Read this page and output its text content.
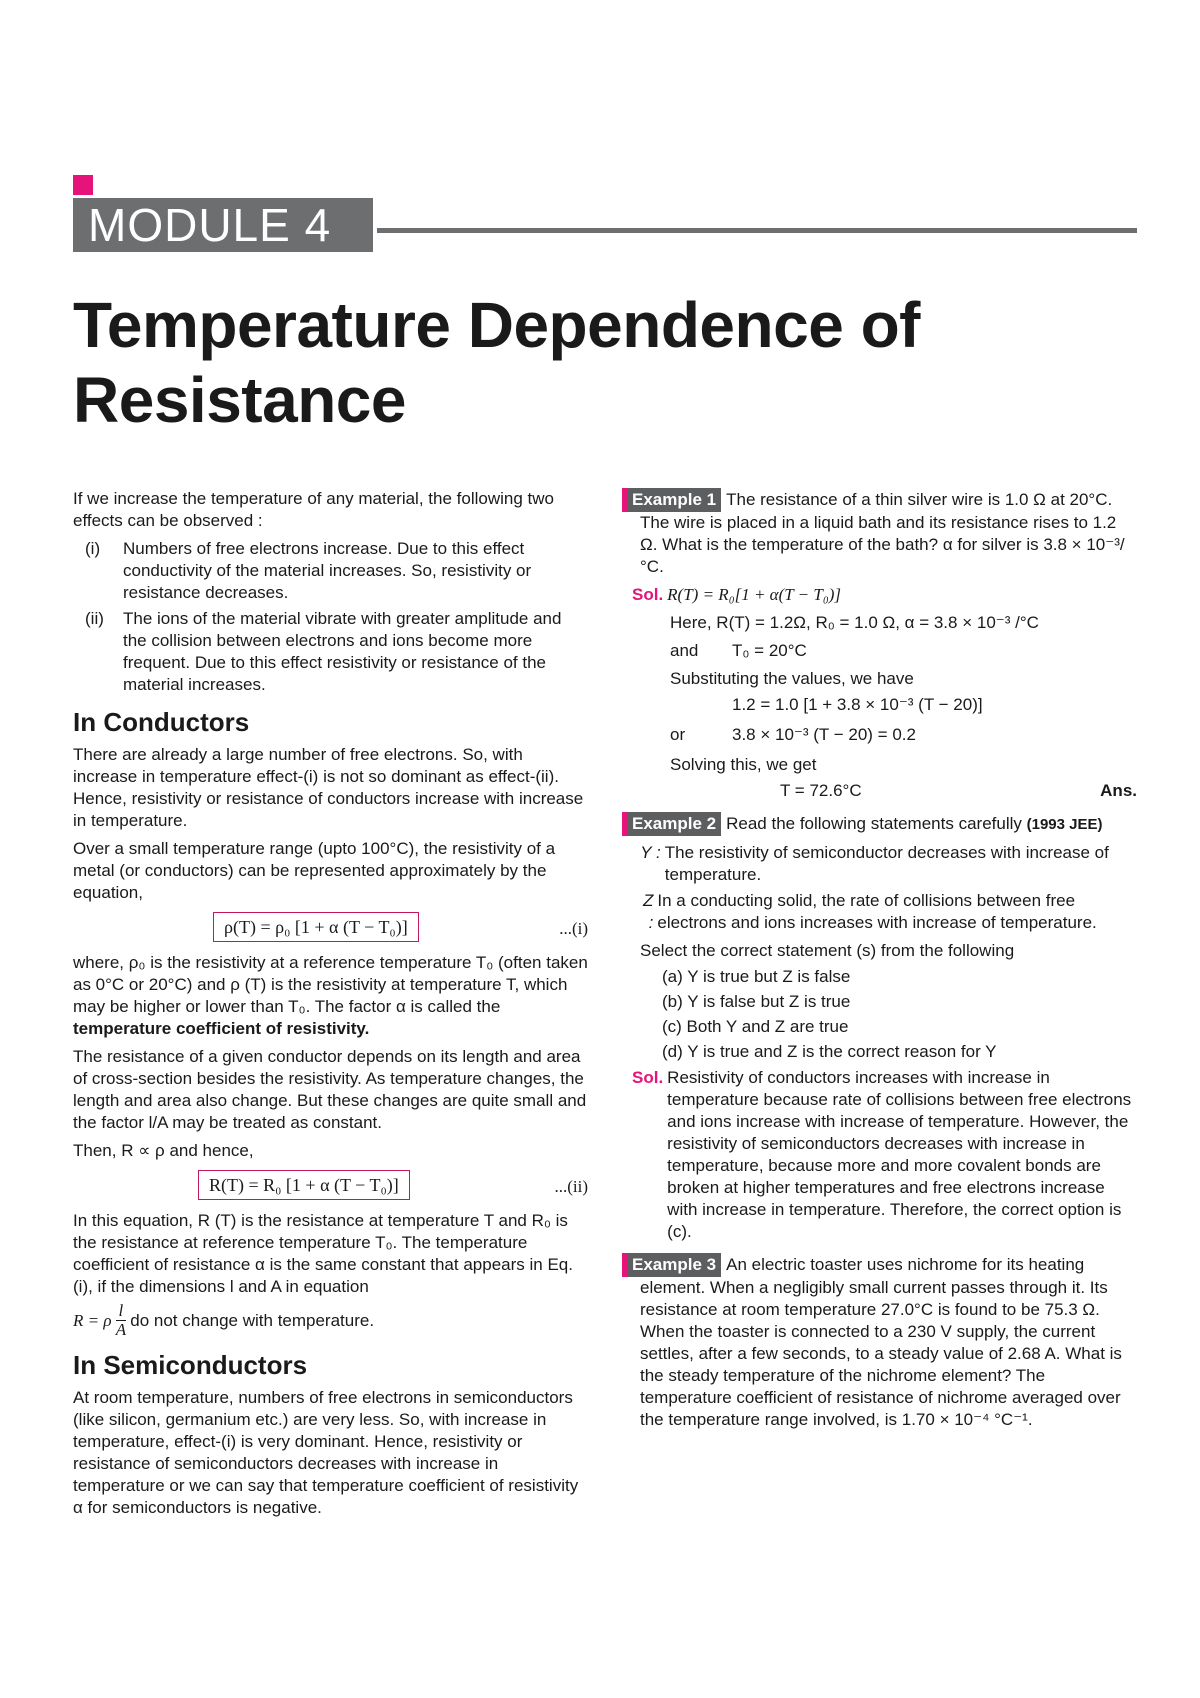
MODULE 4
Temperature Dependence of Resistance

If we increase the temperature of any material, the following two effects can be observed :

(i)	Numbers of free electrons increase. Due to this effect conductivity of the material increases. So, resistivity or resistance decreases.
(ii)	The ions of the material vibrate with greater amplitude and the collision between electrons and ions become more frequent. Due to this effect resistivity or resistance of the material increases.
In Conductors

There are already a large number of free electrons. So, with increase in temperature effect-(i) is not so dominant as effect-(ii). Hence, resistivity or resistance of conductors increase with increase in temperature.

Over a small temperature range (upto 100°C), the resistivity of a metal (or conductors) can be represented approximately by the equation,

ρ(T) = ρ₀ [1 + α (T − T₀)]	...(i)

where, ρ₀ is the resistivity at a reference temperature T₀ (often taken as 0°C or 20°C) and ρ (T) is the resistivity at temperature T, which may be higher or lower than T₀. The factor α is called the temperature coefficient of resistivity.

The resistance of a given conductor depends on its length and area of cross-section besides the resistivity. As temperature changes, the length and area also change. But these changes are quite small and the factor l/A may be treated as constant.

Then, R ∝ ρ and hence,

R(T) = R₀ [1 + α (T − T₀)]	...(ii)

In this equation, R (T) is the resistance at temperature T and R₀ is the resistance at reference temperature T₀. The temperature coefficient of resistance α is the same constant that appears in Eq. (i), if the dimensions l and A in equation

R = ρ $\frac{l}{A}$ do not change with temperature.
In Semiconductors

At room temperature, numbers of free electrons in semiconductors (like silicon, germanium etc.) are very less. So, with increase in temperature, effect-(i) is very dominant. Hence, resistivity or resistance of semiconductors decreases with increase in temperature or we can say that temperature coefficient of resistivity α for semiconductors is negative.

Example 1 The resistance of a thin silver wire is 1.0 Ω at 20°C.
The wire is placed in a liquid bath and its resistance rises to 1.2 Ω. What is the temperature of the bath? α for silver is 3.8 × 10⁻³/°C.
Sol. R(T) = R₀[1 + α(T − T₀)]
Here, R(T) = 1.2Ω, R₀ = 1.0 Ω, α = 3.8 × 10⁻³ /°C
and	T₀ = 20°C
Substituting the values, we have
1.2 = 1.0 [1 + 3.8 × 10⁻³ (T − 20)]
or	3.8 × 10⁻³ (T − 20) = 0.2
Solving this, we get
T = 72.6°C	Ans.
Example 2 Read the following statements carefully (1993 JEE)
Y : The resistivity of semiconductor decreases with increase of temperature.
Z :
In a conducting solid, the rate of collisions between free electrons and ions increases with increase of temperature.
Select the correct statement (s) from the following
(a) Y is true but Z is false
(b) Y is false but Z is true
(c) Both Y and Z are true
(d) Y is true and Z is the correct reason for Y
Sol. Resistivity of conductors increases with increase in temperature because rate of collisions between free electrons and ions increase with increase of temperature. However, the resistivity of semiconductors decreases with increase in temperature, because more and more covalent bonds are broken at higher temperatures and free electrons increase with increase in temperature. Therefore, the correct option is (c).
Example 3 An electric toaster uses nichrome for its heating
element. When a negligibly small current passes through it. Its resistance at room temperature 27.0°C is found to be 75.3 Ω. When the toaster is connected to a 230 V supply, the current settles, after a few seconds, to a steady value of 2.68 A. What is the steady temperature of the nichrome element? The temperature coefficient of resistance of nichrome averaged over the temperature range involved, is 1.70 × 10⁻⁴ °C⁻¹.
